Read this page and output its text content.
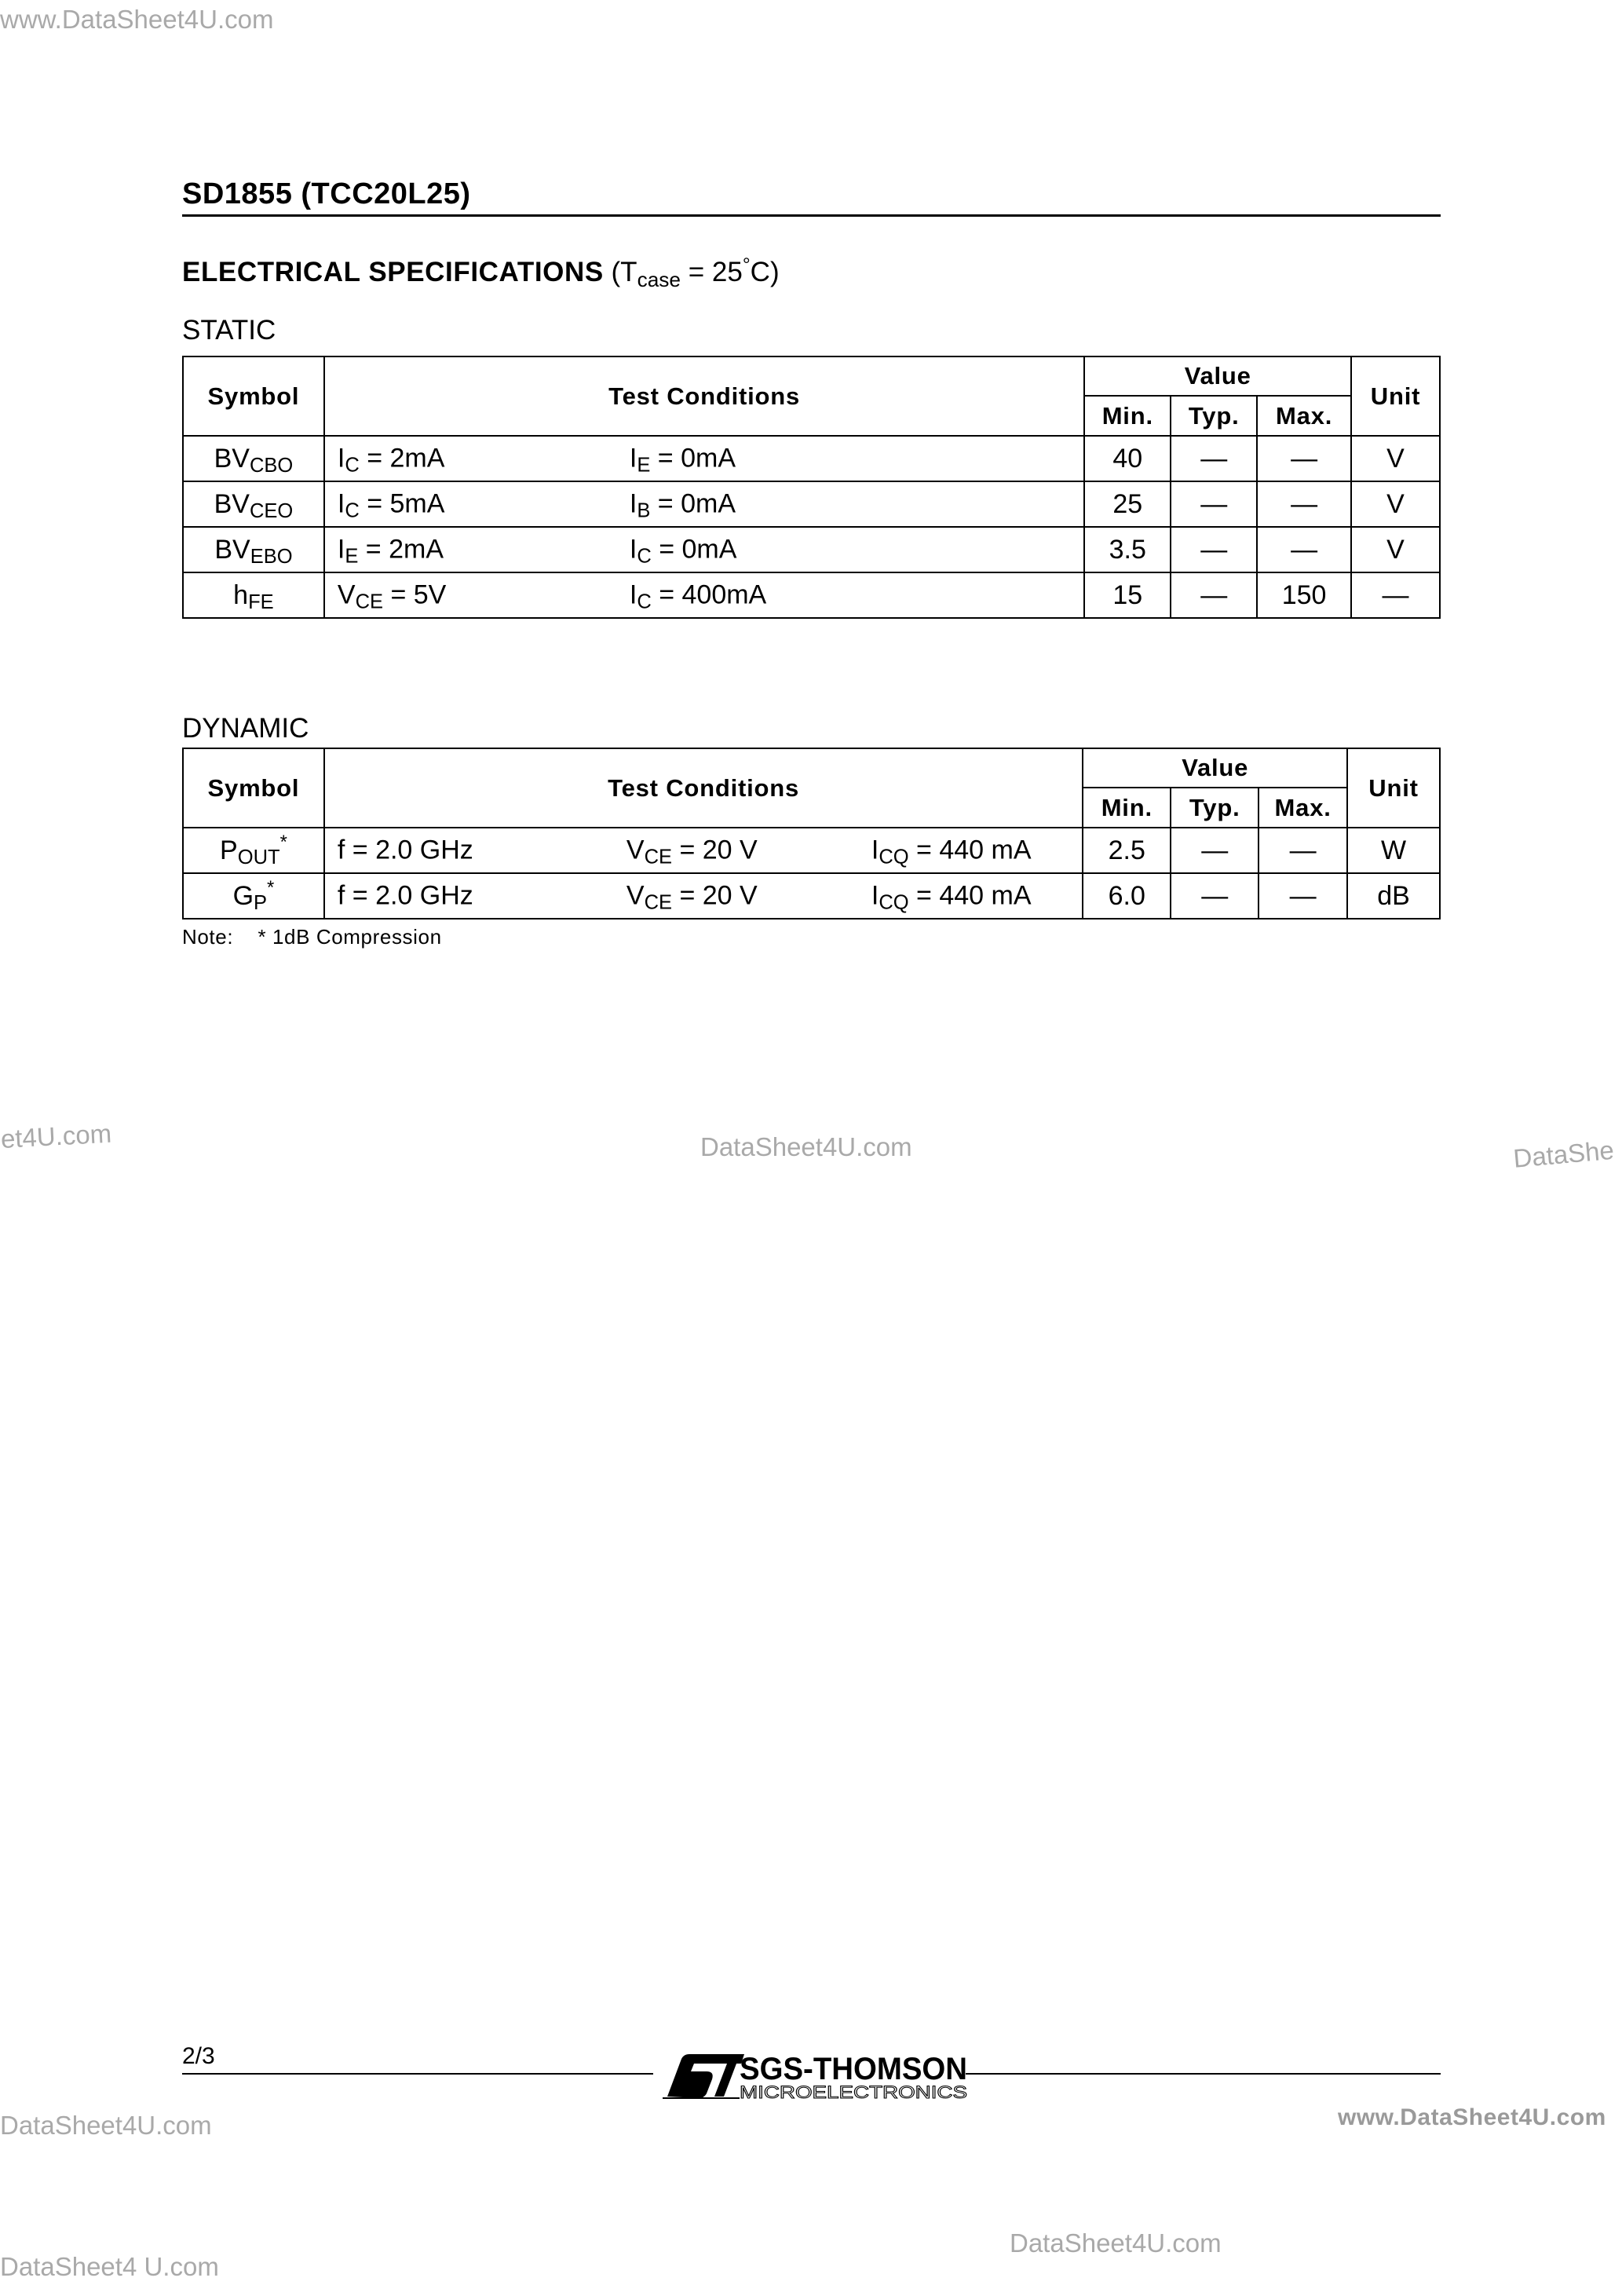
www.DataSheet4U.com
et4U.com	DataSheet4U.com	DataShe
DataSheet4U.com	www.DataSheet4U.com
DataSheet4U.com
DataSheet4 U.com
SD1855 (TCC20L25)
ELECTRICAL SPECIFICATIONS (Tcase = 25°C)
STATIC
Symbol	Test Conditions	Value			Unit
		Min.	Typ.	Max.	
BVCBO	IC = 2mA IE = 0mA	40	—	—	V
BVCEO	IC = 5mA IB = 0mA	25	—	—	V
BVEBO	IE = 2mA IC = 0mA	3.5	—	—	V
hFE	VCE = 5V IC = 400mA	15	—	150	—
DYNAMIC
Symbol	Test Conditions	Value			Unit
		Min.	Typ.	Max.	
POUT*	f = 2.0 GHz VCE = 20 V ICQ = 440 mA	2.5	—	—	W
GP*	f = 2.0 GHz VCE = 20 V ICQ = 440 mA	6.0	—	—	dB
Note:    * 1dB Compression
2/3	SGS-THOMSON
MICROELECTRONICS
